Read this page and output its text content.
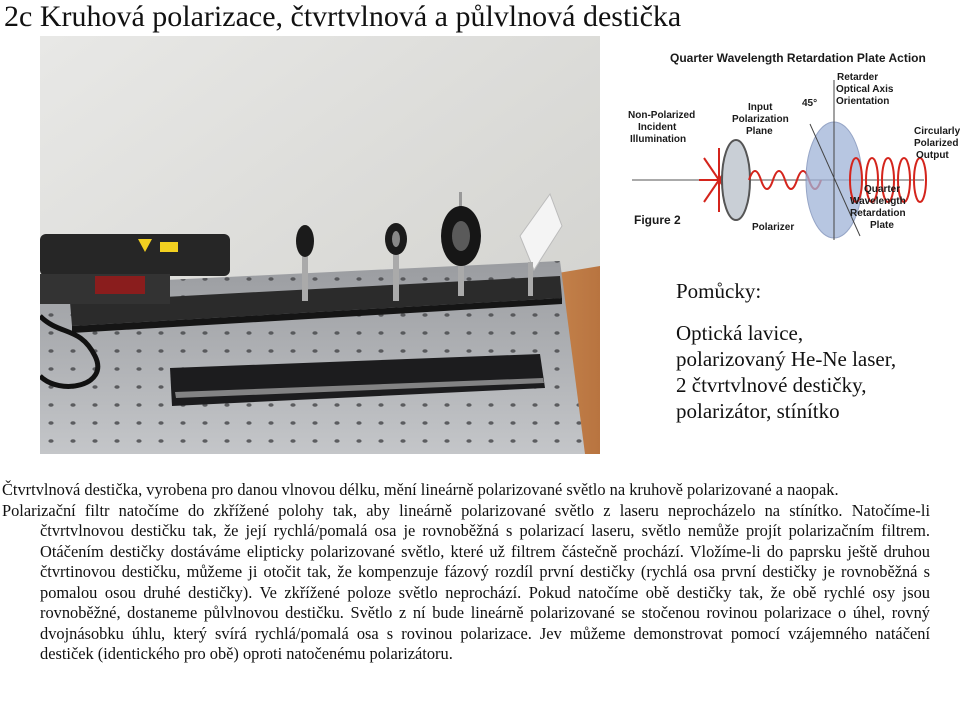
2c Kruhová polarizace, čtvrtvlnová a půlvlnová destička
Quarter Wavelength Retardation Plate Action
Non-Polarized
Incident
Illumination
Input
Polarization
Plane
45°
Retarder
Optical Axis
Orientation
Circularly
Polarized
Output
Quarter
Wavelength
Retardation
Plate
Polarizer
Figure 2
Pomůcky:
Optická lavice,
polarizovaný He-Ne laser,
2 čtvrtvlnové destičky,
polarizátor, stínítko

Čtvrtvlnová destička, vyrobena pro danou vlnovou délku, mění lineárně polarizované světlo na kruhově polarizované a naopak.

Polarizační filtr natočíme do zkřížené polohy tak, aby lineárně polarizované světlo z laseru neprocházelo na stínítko. Natočíme-li čtvrtvlnovou destičku tak, že její rychlá/pomalá osa je rovnoběžná s polarizací laseru, světlo nemůže projít polarizačním filtrem. Otáčením destičky dostáváme elipticky polarizované světlo, které už filtrem částečně prochází. Vložíme-li do paprsku ještě druhou čtvrtinovou destičku, můžeme ji otočit tak, že kompenzuje fázový rozdíl první destičky (rychlá osa první destičky je rovnoběžná s pomalou osou druhé destičky). Ve zkřížené poloze světlo neprochází. Pokud natočíme obě destičky tak, že obě rychlé osy jsou rovnoběžné, dostaneme půlvlnovou destičku. Světlo z ní bude lineárně polarizované se stočenou rovinou polarizace o úhel, rovný dvojnásobku úhlu, který svírá rychlá/pomalá osa s rovinou polarizace. Jev můžeme demonstrovat pomocí vzájemného natáčení destiček (identického pro obě) oproti natočenému polarizátoru.
